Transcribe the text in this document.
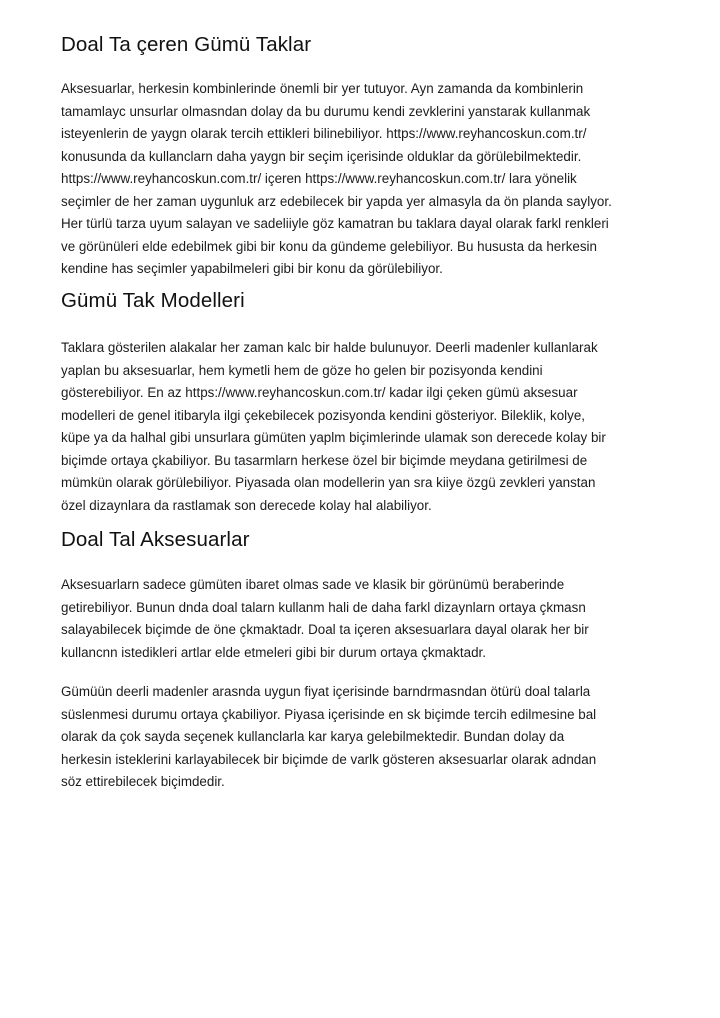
Doal Ta çeren Gümü Taklar
Aksesuarlar, herkesin kombinlerinde önemli bir yer tutuyor. Ayn zamanda da kombinlerin
tamamlayc unsurlar olmasndan dolay da bu durumu kendi zevklerini yanstarak kullanmak
isteyenlerin de yaygn olarak tercih ettikleri bilinebiliyor. https://www.reyhancoskun.com.tr/
konusunda da kullanclarn daha yaygn bir seçim içerisinde olduklar da görülebilmektedir.
https://www.reyhancoskun.com.tr/ içeren https://www.reyhancoskun.com.tr/ lara yönelik
seçimler de her zaman uygunluk arz edebilecek bir yapda yer almasyla da ön planda saylyor.
Her türlü tarza uyum salayan ve sadeliiyle göz kamatran bu taklara dayal olarak farkl renkleri
ve görünüleri elde edebilmek gibi bir konu da gündeme gelebiliyor. Bu hususta da herkesin
kendine has seçimler yapabilmeleri gibi bir konu da görülebiliyor.
Gümü Tak Modelleri
Taklara gösterilen alakalar her zaman kalc bir halde bulunuyor. Deerli madenler kullanlarak
yaplan bu aksesuarlar, hem kymetli hem de göze ho gelen bir pozisyonda kendini
gösterebiliyor. En az https://www.reyhancoskun.com.tr/ kadar ilgi çeken gümü aksesuar
modelleri de genel itibaryla ilgi çekebilecek pozisyonda kendini gösteriyor. Bileklik, kolye,
küpe ya da halhal gibi unsurlara gümüten yaplm biçimlerinde ulamak son derecede kolay bir
biçimde ortaya çkabiliyor. Bu tasarmlarn herkese özel bir biçimde meydana getirilmesi de
mümkün olarak görülebiliyor. Piyasada olan modellerin yan sra kiiye özgü zevkleri yanstan
özel dizaynlara da rastlamak son derecede kolay hal alabiliyor.
Doal Tal Aksesuarlar
Aksesuarlarn sadece gümüten ibaret olmas sade ve klasik bir görünümü beraberinde
getirebiliyor. Bunun dnda doal talarn kullanm hali de daha farkl dizaynlarn ortaya çkmasn
salayabilecek biçimde de öne çkmaktadr. Doal ta içeren aksesuarlara dayal olarak her bir
kullancnn istedikleri artlar elde etmeleri gibi bir durum ortaya çkmaktadr.
Gümüün deerli madenler arasnda uygun fiyat içerisinde barndrmasndan ötürü doal talarla
süslenmesi durumu ortaya çkabiliyor. Piyasa içerisinde en sk biçimde tercih edilmesine bal
olarak da çok sayda seçenek kullanclarla kar karya gelebilmektedir. Bundan dolay da
herkesin isteklerini karlayabilecek bir biçimde de varlk gösteren aksesuarlar olarak adndan
söz ettirebilecek biçimdedir.
